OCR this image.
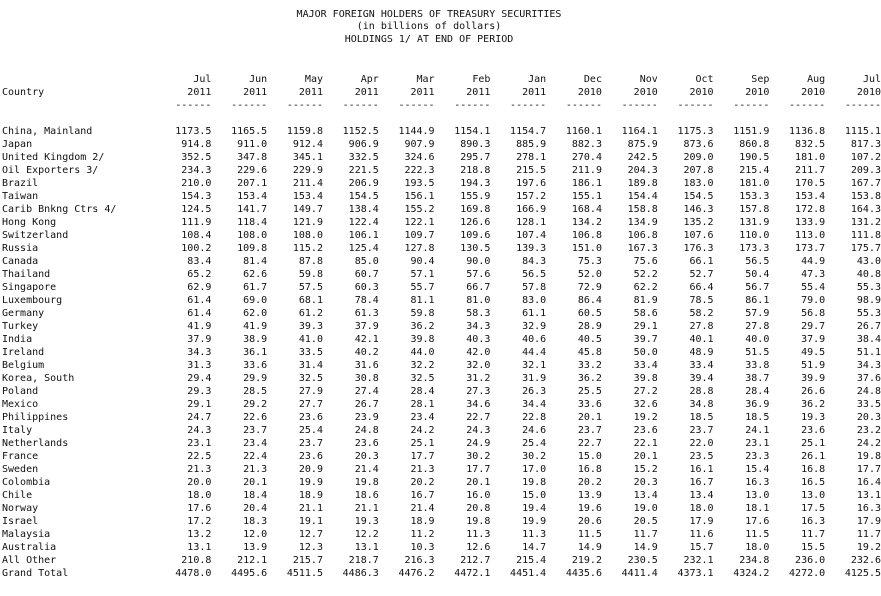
MAJOR FOREIGN HOLDERS OF TREASURY SECURITIES
(in billions of dollars)
HOLDINGS 1/ AT END OF PERIOD
	Jul	Jun	May	Apr	Mar	Feb	Jan	Dec	Nov	Oct	Sep	Aug	Jul
Country	2011	2011	2011	2011	2011	2011	2011	2010	2010	2010	2010	2010	2010
	------	------	------	------	------	------	------	------	------	------	------	------	------

China, Mainland	1173.5	1165.5	1159.8	1152.5	1144.9	1154.1	1154.7	1160.1	1164.1	1175.3	1151.9	1136.8	1115.1
Japan	914.8	911.0	912.4	906.9	907.9	890.3	885.9	882.3	875.9	873.6	860.8	832.5	817.3
United Kingdom 2/	352.5	347.8	345.1	332.5	324.6	295.7	278.1	270.4	242.5	209.0	190.5	181.0	107.2
Oil Exporters 3/	234.3	229.6	229.9	221.5	222.3	218.8	215.5	211.9	204.3	207.8	215.4	211.7	209.3
Brazil	210.0	207.1	211.4	206.9	193.5	194.3	197.6	186.1	189.8	183.0	181.0	170.5	167.7
Taiwan	154.3	153.4	153.4	154.5	156.1	155.9	157.2	155.1	154.4	154.5	153.3	153.4	153.8
Carib Bnkng Ctrs 4/	124.5	141.7	149.7	138.4	155.2	169.8	166.9	168.4	158.8	146.3	157.8	172.8	164.3
Hong Kong	111.9	118.4	121.9	122.4	122.1	126.6	128.1	134.2	134.9	135.2	131.9	133.9	131.2
Switzerland	108.4	108.0	108.0	106.1	109.7	109.6	107.4	106.8	106.8	107.6	110.0	113.0	111.8
Russia	100.2	109.8	115.2	125.4	127.8	130.5	139.3	151.0	167.3	176.3	173.3	173.7	175.7
Canada	83.4	81.4	87.8	85.0	90.4	90.0	84.3	75.3	75.6	66.1	56.5	44.9	43.0
Thailand	65.2	62.6	59.8	60.7	57.1	57.6	56.5	52.0	52.2	52.7	50.4	47.3	40.8
Singapore	62.9	61.7	57.5	60.3	55.7	66.7	57.8	72.9	62.2	66.4	56.7	55.4	55.3
Luxembourg	61.4	69.0	68.1	78.4	81.1	81.0	83.0	86.4	81.9	78.5	86.1	79.0	98.9
Germany	61.4	62.0	61.2	61.3	59.8	58.3	61.1	60.5	58.6	58.2	57.9	56.8	55.3
Turkey	41.9	41.9	39.3	37.9	36.2	34.3	32.9	28.9	29.1	27.8	27.8	29.7	26.7
India	37.9	38.9	41.0	42.1	39.8	40.3	40.6	40.5	39.7	40.1	40.0	37.9	38.4
Ireland	34.3	36.1	33.5	40.2	44.0	42.0	44.4	45.8	50.0	48.9	51.5	49.5	51.1
Belgium	31.3	33.6	31.4	31.6	32.2	32.0	32.1	33.2	33.4	33.4	33.8	51.9	34.3
Korea, South	29.4	29.9	32.5	30.8	32.5	31.2	31.9	36.2	39.8	39.4	38.7	39.9	37.6
Poland	29.3	28.5	27.9	27.4	28.4	27.3	26.3	25.5	27.2	28.8	28.4	26.6	24.8
Mexico	29.1	29.2	27.7	26.7	28.1	34.6	34.4	33.6	32.6	34.8	36.9	36.2	33.5
Philippines	24.7	22.6	23.6	23.9	23.4	22.7	22.8	20.1	19.2	18.5	18.5	19.3	20.3
Italy	24.3	23.7	25.4	24.8	24.2	24.3	24.6	23.7	23.6	23.7	24.1	23.6	23.2
Netherlands	23.1	23.4	23.7	23.6	25.1	24.9	25.4	22.7	22.1	22.0	23.1	25.1	24.2
France	22.5	22.4	23.6	20.3	17.7	30.2	30.2	15.0	20.1	23.5	23.3	26.1	19.8
Sweden	21.3	21.3	20.9	21.4	21.3	17.7	17.0	16.8	15.2	16.1	15.4	16.8	17.7
Colombia	20.0	20.1	19.9	19.8	20.2	20.1	19.8	20.2	20.3	16.7	16.3	16.5	16.4
Chile	18.0	18.4	18.9	18.6	16.7	16.0	15.0	13.9	13.4	13.4	13.0	13.0	13.1
Norway	17.6	20.4	21.1	21.1	21.4	20.8	19.4	19.6	19.0	18.0	18.1	17.5	16.3
Israel	17.2	18.3	19.1	19.3	18.9	19.8	19.9	20.6	20.5	17.9	17.6	16.3	17.9
Malaysia	13.2	12.0	12.7	12.2	11.2	11.3	11.3	11.5	11.7	11.6	11.5	11.7	11.7
Australia	13.1	13.9	12.3	13.1	10.3	12.6	14.7	14.9	14.9	15.7	18.0	15.5	19.2
All Other	210.8	212.1	215.7	218.7	216.3	212.7	215.4	219.2	230.5	232.1	234.8	236.0	232.6
Grand Total	4478.0	4495.6	4511.5	4486.3	4476.2	4472.1	4451.4	4435.6	4411.4	4373.1	4324.2	4272.0	4125.5
